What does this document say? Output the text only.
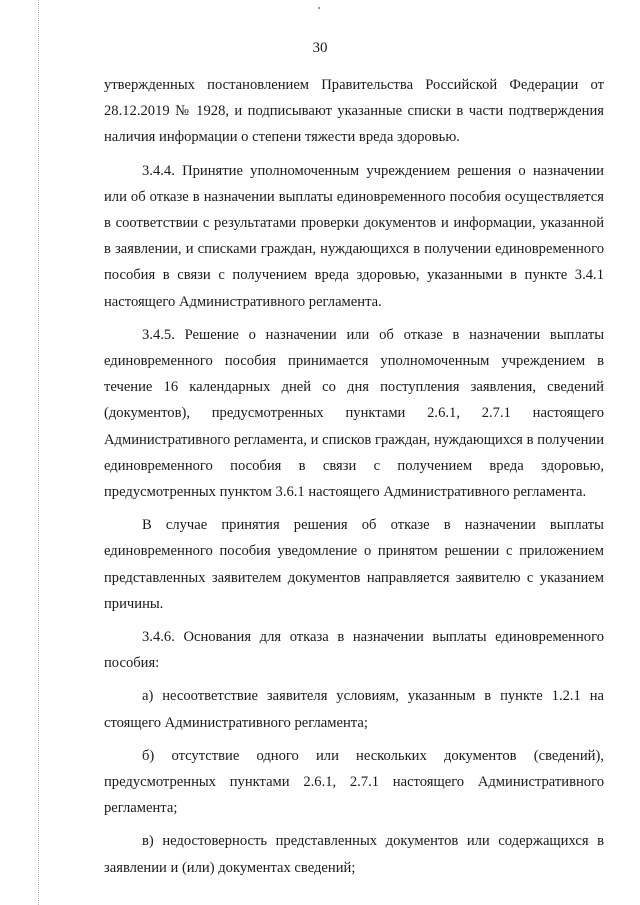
30

утвержденных постановлением Правительства Российской Федерации от 28.12.2019 № 1928, и подписывают указанные списки в части подтверждения наличия информации о степени тяжести вреда здоровью.

3.4.4. Принятие уполномоченным учреждением решения о назначении или об отказе в назначении выплаты единовременного пособия осуществляется в соответствии с результатами проверки документов и информации, указанной в заявлении, и списками граждан, нуждающихся в получении единовременного пособия в связи с получением вреда здоровью, указанными в пункте 3.4.1 настоящего Административного регламента.

3.4.5. Решение о назначении или об отказе в назначении выплаты единовременного пособия принимается уполномоченным учреждением в течение 16 календарных дней со дня поступления заявления, сведений (документов), предусмотренных пунктами 2.6.1, 2.7.1 настоящего Административного регламента, и списков граждан, нуждающихся в получении единовременного пособия в связи с получением вреда здоровью, предусмотренных пунктом 3.6.1 настоящего Административного регламента.

В случае принятия решения об отказе в назначении выплаты единовременного пособия уведомление о принятом решении с приложением представленных заявителем документов направляется заявителю с указанием причины.

3.4.6. Основания для отказа в назначении выплаты единовременного пособия:

а) несоответствие заявителя условиям, указанным в пункте 1.2.1 на стоящего Административного регламента;

б) отсутствие одного или нескольких документов (сведений), предусмотренных пунктами 2.6.1, 2.7.1 настоящего Административного регламента;

в) недостоверность представленных документов или содержащихся в заявлении и (или) документах сведений;
